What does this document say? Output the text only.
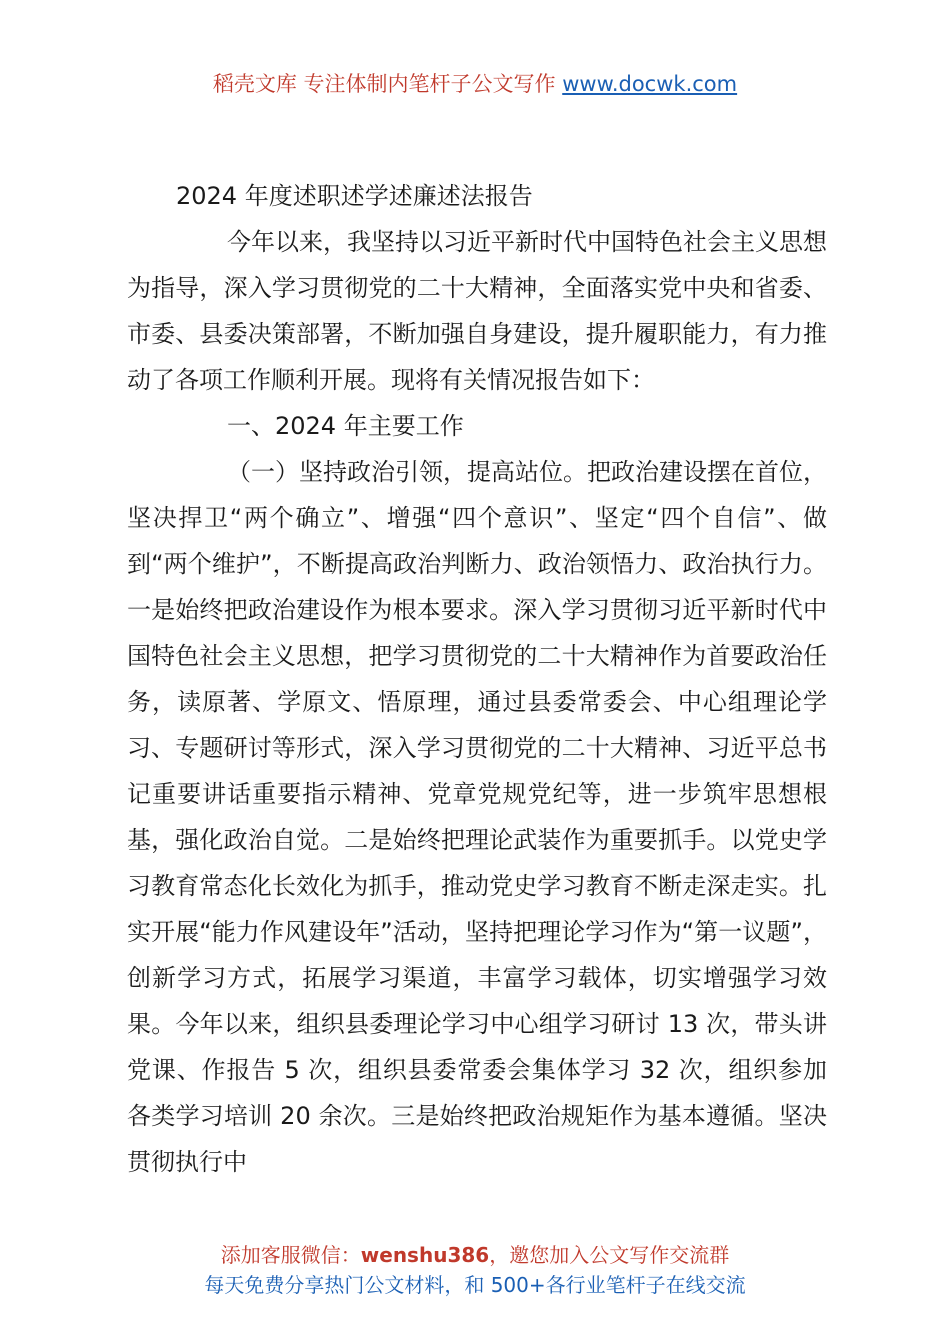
稻壳文库 专注体制内笔杆子公文写作 www.docwk.com

2024 年度述职述学述廉述法报告

今年以来，我坚持以习近平新时代中国特色社会主义思想为指导，深入学习贯彻党的二十大精神，全面落实党中央和省委、市委、县委决策部署，不断加强自身建设，提升履职能力，有力推动了各项工作顺利开展。现将有关情况报告如下：

一、2024 年主要工作

（一）坚持政治引领，提高站位。把政治建设摆在首位，坚决捍卫“两个确立”、增强“四个意识”、坚定“四个自信”、做到“两个维护”，不断提高政治判断力、政治领悟力、政治执行力。一是始终把政治建设作为根本要求。深入学习贯彻习近平新时代中国特色社会主义思想，把学习贯彻党的二十大精神作为首要政治任务，读原著、学原文、悟原理，通过县委常委会、中心组理论学习、专题研讨等形式，深入学习贯彻党的二十大精神、习近平总书记重要讲话重要指示精神、党章党规党纪等，进一步筑牢思想根基，强化政治自觉。二是始终把理论武装作为重要抓手。以党史学习教育常态化长效化为抓手，推动党史学习教育不断走深走实。扎实开展“能力作风建设年”活动，坚持把理论学习作为“第一议题”，创新学习方式，拓展学习渠道，丰富学习载体，切实增强学习效果。今年以来，组织县委理论学习中心组学习研讨 13 次，带头讲党课、作报告 5 次，组织县委常委会集体学习 32 次，组织参加各类学习培训 20 余次。三是始终把政治规矩作为基本遵循。坚决贯彻执行中

添加客服微信：wenshu386，邀您加入公文写作交流群
每天免费分享热门公文材料，和 500+各行业笔杆子在线交流
